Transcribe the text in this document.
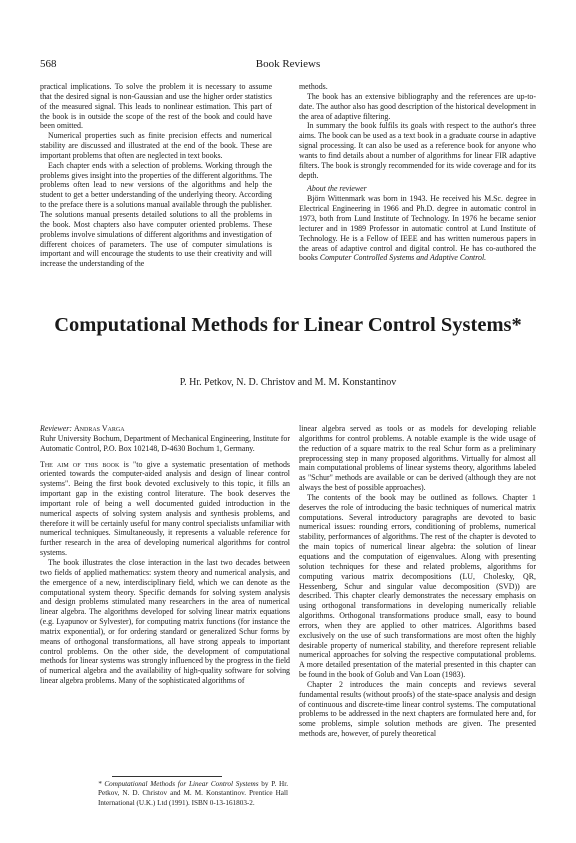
568	Book Reviews

practical implications. To solve the problem it is necessary to assume that the desired signal is non-Gaussian and use the higher order statistics of the measured signal. This leads to nonlinear estimation. This part of the book is in outside the scope of the rest of the book and could have been omitted.

Numerical properties such as finite precision effects and numerical stability are discussed and illustrated at the end of the book. These are important problems that often are neglected in text books.

Each chapter ends with a selection of problems. Working through the problems gives insight into the properties of the different algorithms. The problems often lead to new versions of the algorithms and help the student to get a better understanding of the underlying theory. According to the preface there is a solutions manual available through the publisher. The solutions manual presents detailed solutions to all the problems in the book. Most chapters also have computer oriented problems. These problems involve simulations of different algorithms and investigation of different choices of parameters. The use of computer simulations is important and will encourage the students to use their creativity and will increase the understanding of the

methods.

The book has an extensive bibliography and the references are up-to-date. The author also has good description of the historical development in the area of adaptive filtering.

In summary the book fulfils its goals with respect to the author's three aims. The book can be used as a text book in a graduate course in adaptive signal processing. It can also be used as a reference book for anyone who wants to find details about a number of algorithms for linear FIR adaptive filters. The book is strongly recommended for its wide coverage and for its depth.

About the reviewer

Björn Wittenmark was born in 1943. He received his M.Sc. degree in Electrical Engineering in 1966 and Ph.D. degree in automatic control in 1973, both from Lund Institute of Technology. In 1976 he became senior lecturer and in 1989 Professor in automatic control at Lund Institute of Technology. He is a Fellow of IEEE and has written numerous papers in the areas of adaptive control and digital control. He has co-authored the books Computer Controlled Systems and Adaptive Control.

Computational Methods for Linear Control Systems*
P. Hr. Petkov, N. D. Christov and M. M. Konstantinov

Reviewer: Andras Varga

Ruhr University Bochum, Department of Mechanical Engineering, Institute for Automatic Control, P.O. Box 102148, D-4630 Bochum 1, Germany.

The aim of this book is "to give a systematic presentation of methods oriented towards the computer-aided analysis and design of linear control systems". Being the first book devoted exclusively to this topic, it fills an important gap in the existing control literature. The book deserves the important role of being a well documented guided introduction in the numerical aspects of solving system analysis and synthesis problems, and therefore it will be certainly useful for many control specialists unfamiliar with numerical techniques. Simultaneously, it represents a valuable reference for further research in the area of developing numerical algorithms for control systems.

The book illustrates the close interaction in the last two decades between two fields of applied mathematics: system theory and numerical analysis, and the emergence of a new, interdisciplinary field, which we can denote as the computational system theory. Specific demands for solving system analysis and design problems stimulated many researchers in the area of numerical linear algebra. The algorithms developed for solving linear matrix equations (e.g. Lyapunov or Sylvester), for computing matrix functions (for instance the matrix exponential), or for ordering standard or generalized Schur forms by means of orthogonal transformations, all have strong appeals to important control problems. On the other side, the development of computational methods for linear systems was strongly influenced by the progress in the field of numerical algebra and the availability of high-quality software for solving linear algebra problems. Many of the sophisticated algorithms of

* Computational Methods for Linear Control Systems by P. Hr. Petkov, N. D. Christov and M. M. Konstantinov. Prentice Hall International (U.K.) Ltd (1991). ISBN 0-13-161803-2.

linear algebra served as tools or as models for developing reliable algorithms for control problems. A notable example is the wide usage of the reduction of a square matrix to the real Schur form as a preliminary preprocessing step in many proposed algorithms. Virtually for almost all main computational problems of linear systems theory, algorithms labeled as "Schur" methods are available or can be derived (although they are not always the best of possible approaches).

The contents of the book may be outlined as follows. Chapter 1 deserves the role of introducing the basic techniques of numerical matrix computations. Several introductory paragraphs are devoted to basic numerical issues: rounding errors, conditioning of problems, numerical stability, performances of algorithms. The rest of the chapter is devoted to the main topics of numerical linear algebra: the solution of linear equations and the computation of eigenvalues. Along with presenting solution techniques for these and related problems, algorithms for computing various matrix decompositions (LU, Cholesky, QR, Hessenberg, Schur and singular value decomposition (SVD)) are described. This chapter clearly demonstrates the necessary emphasis on using orthogonal transformations in developing numerically reliable algorithms. Orthogonal transformations produce small, easy to bound errors, when they are applied to other matrices. Algorithms based exclusively on the use of such transformations are most often the highly desirable property of numerical stability, and therefore represent reliable numerical approaches for solving the respective computational problems. A more detailed presentation of the material presented in this chapter can be found in the book of Golub and Van Loan (1983).

Chapter 2 introduces the main concepts and reviews several fundamental results (without proofs) of the state-space analysis and design of continuous and discrete-time linear control systems. The computational problems to be addressed in the next chapters are formulated here and, for some problems, simple solution methods are given. The presented methods are, however, of purely theoretical
